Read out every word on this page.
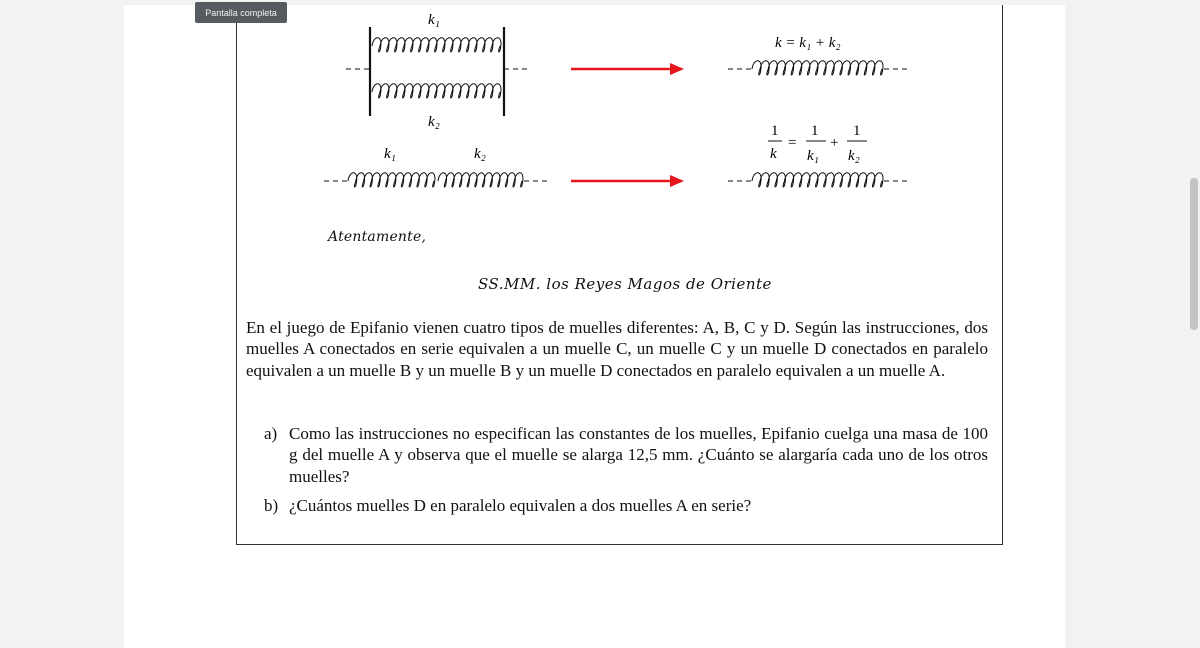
k₁
k₂
k = k₁ + k₂
k₁	k₂
1
k
=
1
k₁
+
1
k₂
Atentamente,
SS.MM. los Reyes Magos de Oriente
En el juego de Epifanio vienen cuatro tipos de muelles diferentes: A, B, C y D. Según las instrucciones, dos muelles A conectados en serie equivalen a un muelle C, un muelle C y un muelle D conectados en paralelo equivalen a un muelle B y un muelle B y un muelle D conectados en paralelo equivalen a un muelle A.
a) Como las instrucciones no especifican las constantes de los muelles, Epifanio cuelga una masa de 100 g del muelle A y observa que el muelle se alarga 12,5 mm. ¿Cuánto se alargaría cada uno de los otros muelles?
b) ¿Cuántos muelles D en paralelo equivalen a dos muelles A en serie?
Pantalla completa
